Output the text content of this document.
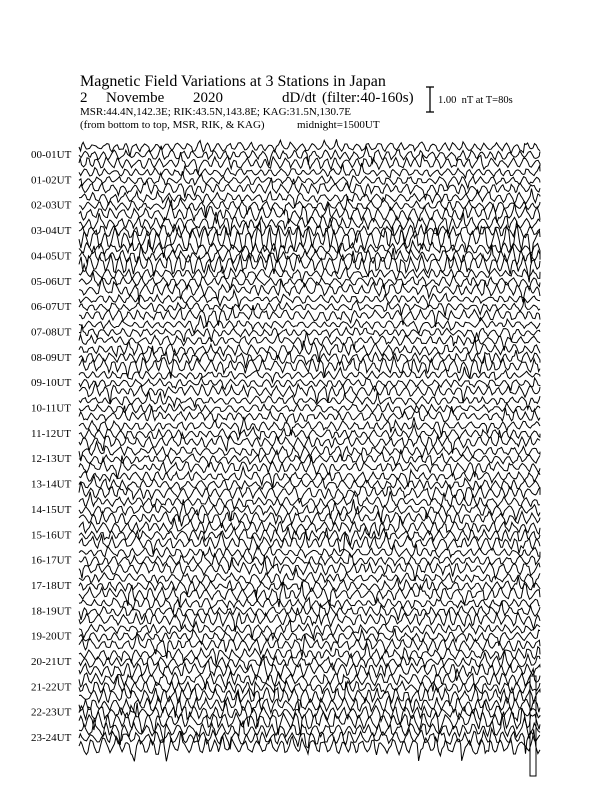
Magnetic Field Variations at 3 Stations in Japan
2 Novembe 2020	dD/dt (filter:40-160s)
MSR:44.4N,142.3E; RIK:43.5N,143.8E; KAG:31.5N,130.7E
(from bottom to top, MSR, RIK, & KAG)	midnight=1500UT
1.00  nT at T=80s
00-01UT
01-02UT
02-03UT
03-04UT
04-05UT
05-06UT
06-07UT
07-08UT
08-09UT
09-10UT
10-11UT
11-12UT
12-13UT
13-14UT
14-15UT
15-16UT
16-17UT
17-18UT
18-19UT
19-20UT
20-21UT
21-22UT
22-23UT
23-24UT
